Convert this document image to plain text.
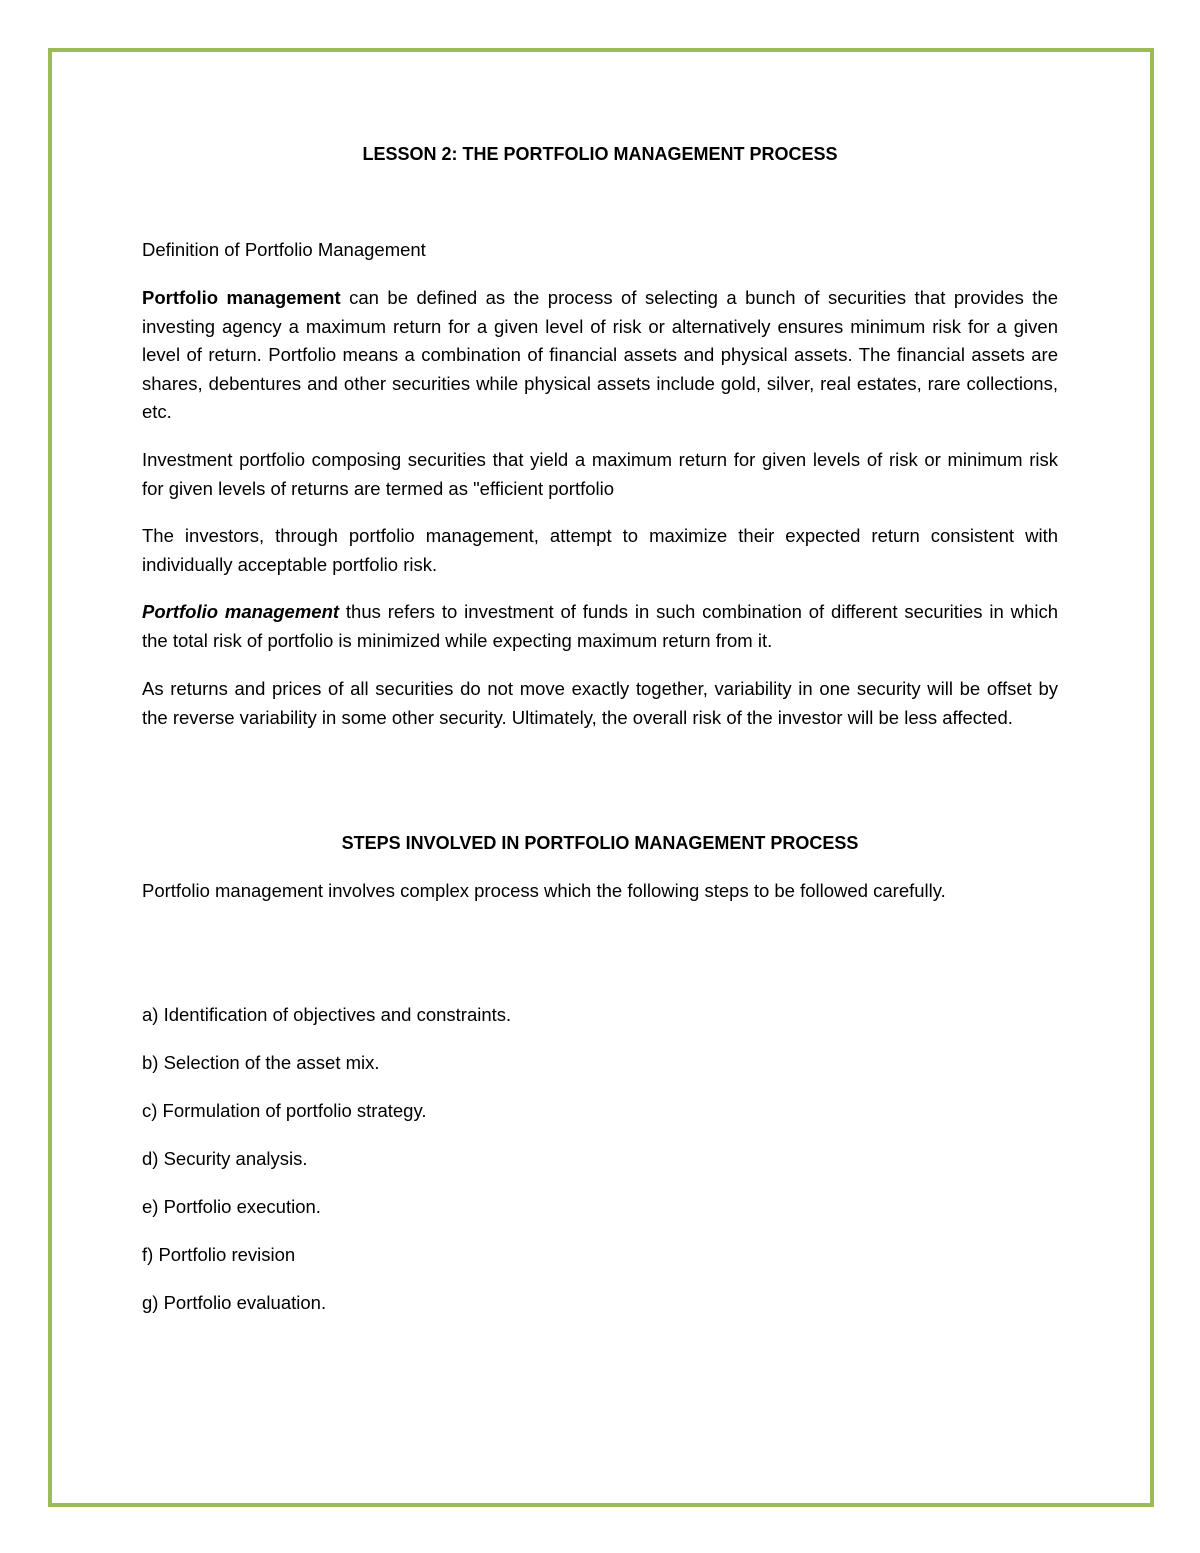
LESSON 2: THE PORTFOLIO MANAGEMENT PROCESS

Definition of Portfolio Management

Portfolio management can be defined as the process of selecting a bunch of securities that provides the investing agency a maximum return for a given level of risk or alternatively ensures minimum risk for a given level of return. Portfolio means a combination of financial assets and physical assets. The financial assets are shares, debentures and other securities while physical assets include gold, silver, real estates, rare collections, etc.

Investment portfolio composing securities that yield a maximum return for given levels of risk or minimum risk for given levels of returns are termed as "efficient portfolio

The investors, through portfolio management, attempt to maximize their expected return consistent with individually acceptable portfolio risk.

Portfolio management thus refers to investment of funds in such combination of different securities in which the total risk of portfolio is minimized while expecting maximum return from it.

As returns and prices of all securities do not move exactly together, variability in one security will be offset by the reverse variability in some other security. Ultimately, the overall risk of the investor will be less affected.

STEPS INVOLVED IN PORTFOLIO MANAGEMENT PROCESS

Portfolio management involves complex process which the following steps to be followed carefully.

a) Identification of objectives and constraints.

b) Selection of the asset mix.

c) Formulation of portfolio strategy.

d) Security analysis.

e) Portfolio execution.

f) Portfolio revision

g) Portfolio evaluation.
